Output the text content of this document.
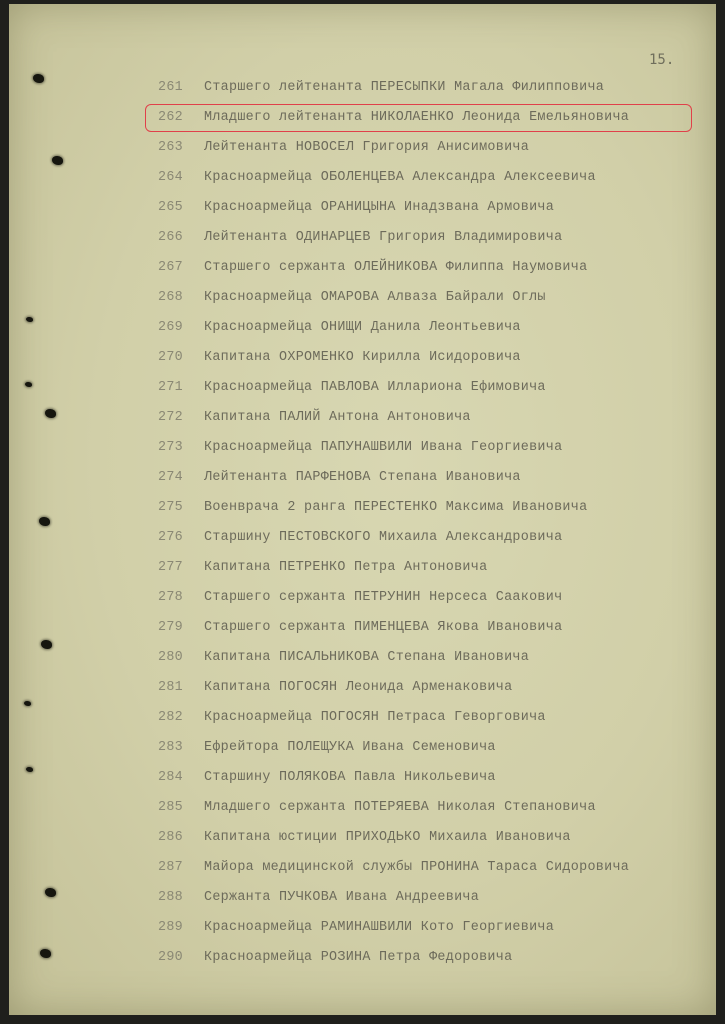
15.
261 Старшего лейтенанта ПЕРЕСЫПКИ Магала Филипповича
262 Младшего лейтенанта НИКОЛАЕНКО Леонида Емельяновича
263 Лейтенанта НОВОСЕЛ Григория Анисимовича
264 Красноармейца ОБОЛЕНЦЕВА Александра Алексеевича
265 Красноармейца ОРАНИЦЫНА Инадзвана Армовича
266 Лейтенанта ОДИНАРЦЕВ Григория Владимировича
267 Старшего сержанта ОЛЕЙНИКОВА Филиппа Наумовича
268 Красноармейца ОМАРОВА Алваза Байрали Оглы
269 Красноармейца ОНИЩИ Данила Леонтьевича
270 Капитана ОХРОМЕНКО Кирилла Исидоровича
271 Красноармейца ПАВЛОВА Илларионa Ефимовича
272 Капитана ПАЛИЙ Антона Антоновича
273 Красноармейца ПАПУНАШВИЛИ Ивана Георгиевича
274 Лейтенанта ПАРФЕНОВА Степана Ивановича
275 Военврача 2 ранга ПЕРЕСТЕНКО Максима Ивановича
276 Старшину ПЕСТОВСКОГО Михаила Александровича
277 Капитана ПЕТРЕНКО Петра Антоновича
278 Старшего сержанта ПЕТРУНИН Нерсеса Саакович
279 Старшего сержанта ПИМЕНЦЕВА Якова Ивановича
280 Капитана ПИСАЛЬНИКОВА Степана Ивановича
281 Капитана ПОГОСЯН Леонида Арменаковича
282 Красноармейца ПОГОСЯН Петраса Геворговича
283 Ефрейтора ПОЛЕЩУКА Ивана Семеновича
284 Старшину ПОЛЯКОВА Павла Никольевича
285 Младшего сержанта ПОТЕРЯЕВА Николая Степановича
286 Капитана юстиции ПРИХОДЬКО Михаила Ивановича
287 Майора медицинской службы ПРОНИНА Тараса Сидоровича
288 Сержанта ПУЧКОВА Ивана Андреевича
289 Красноармейца РАМИНАШВИЛИ Кото Георгиевича
290 Красноармейца РОЗИНА Петра Федоровича
